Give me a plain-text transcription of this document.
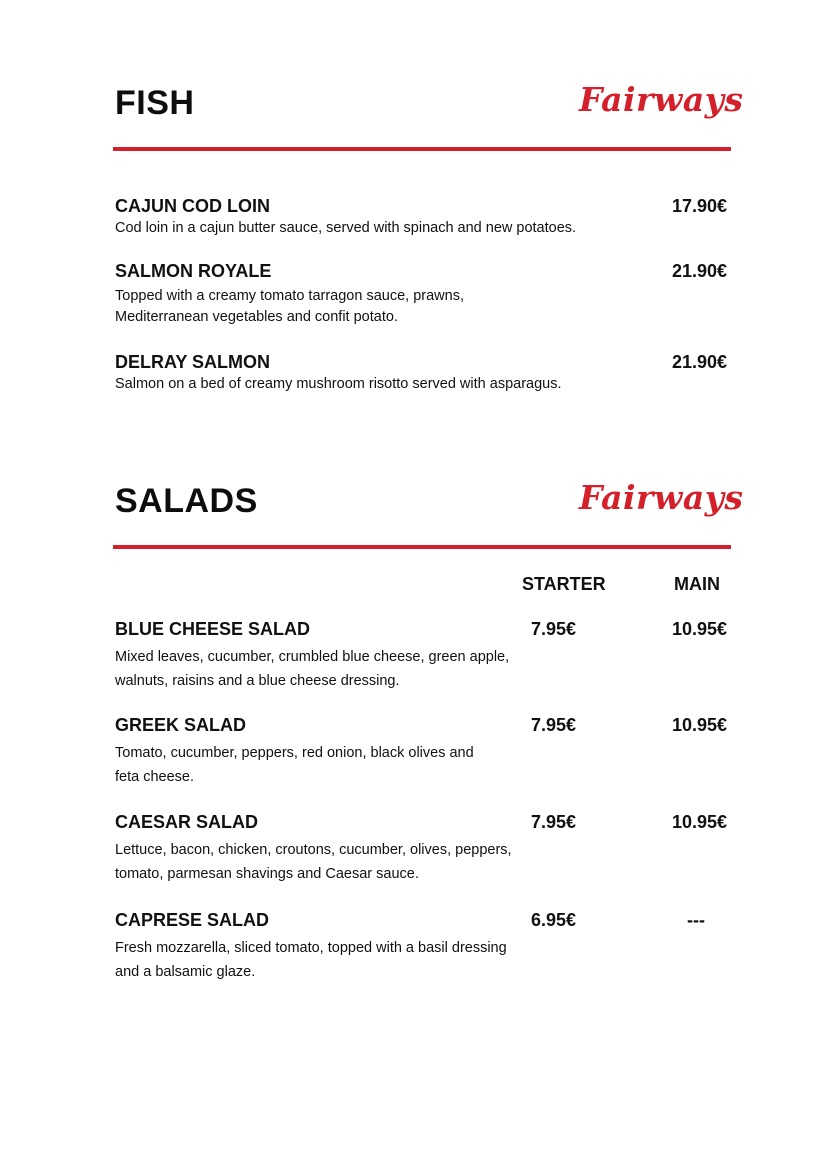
FISH	Fairways
CAJUN COD LOIN
Cod loin in a cajun butter sauce, served with spinach and new potatoes.
17.90€
SALMON ROYALE
Topped with a creamy tomato tarragon sauce, prawns,
Mediterranean vegetables and confit potato.
21.90€
DELRAY SALMON
Salmon on a bed of creamy mushroom risotto served with asparagus.
21.90€
SALADS	Fairways
STARTER	MAIN
BLUE CHEESE SALAD
Mixed leaves, cucumber, crumbled blue cheese, green apple,
walnuts, raisins and a blue cheese dressing.
7.95€	10.95€
GREEK SALAD
Tomato, cucumber, peppers, red onion, black olives and
feta cheese.
7.95€	10.95€
CAESAR SALAD
Lettuce, bacon, chicken, croutons, cucumber, olives, peppers,
tomato, parmesan shavings and Caesar sauce.
7.95€	10.95€
CAPRESE SALAD
Fresh mozzarella, sliced tomato, topped with a basil dressing
and a balsamic glaze.
6.95€	---
